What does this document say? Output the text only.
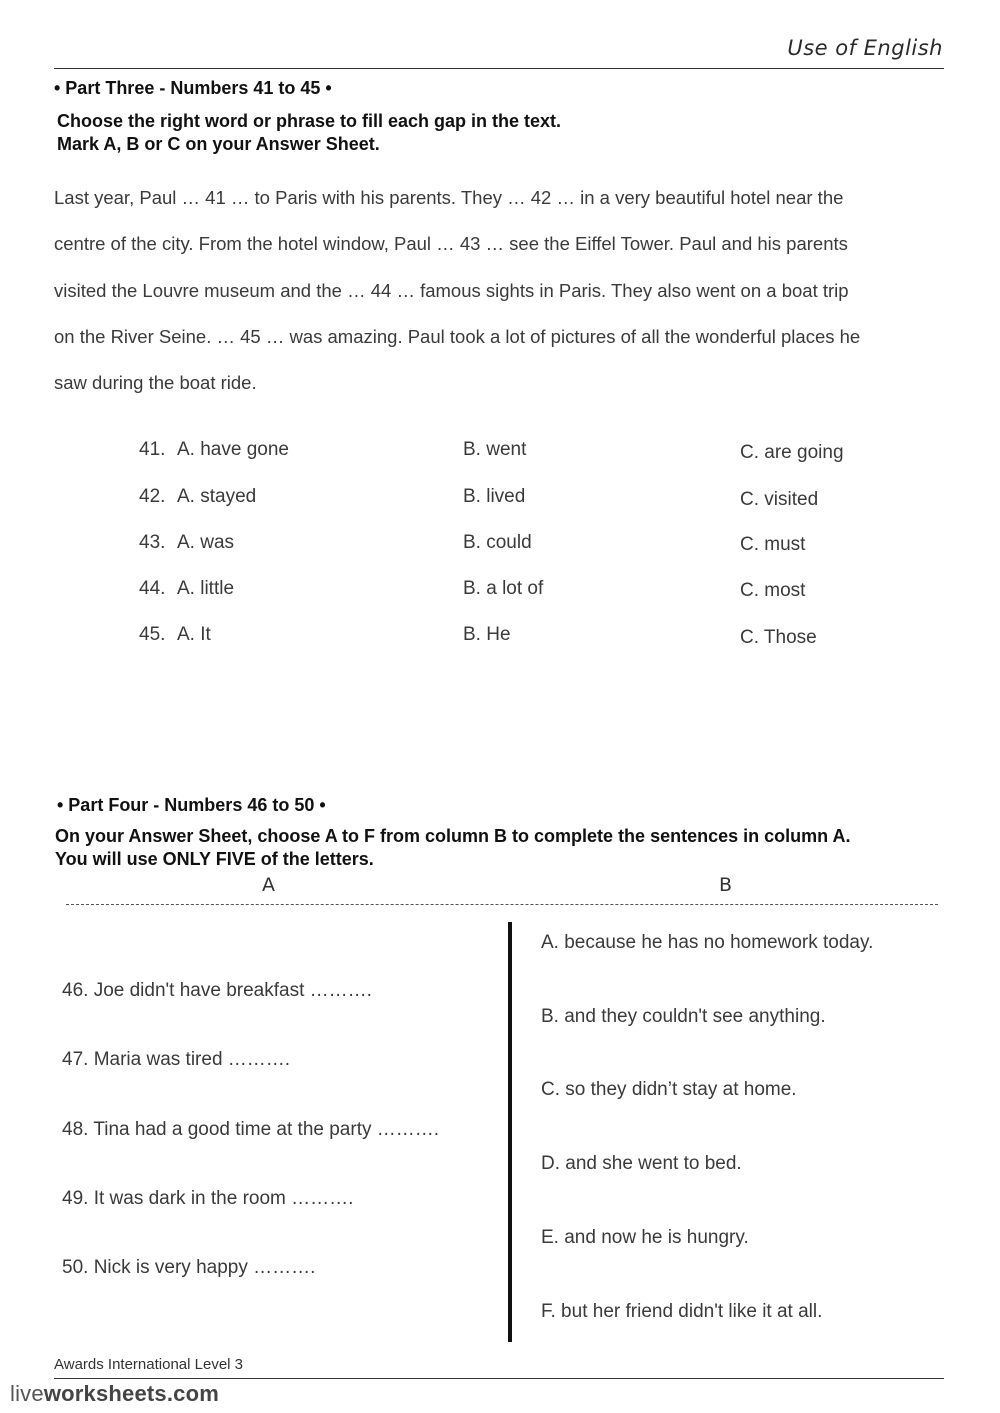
Use of English
• Part Three - Numbers 41 to 45 •
Choose the right word or phrase to fill each gap in the text.
Mark A, B or C on your Answer Sheet.
Last year, Paul … 41 … to Paris with his parents. They … 42 … in a very beautiful hotel near the
centre of the city. From the hotel window, Paul … 43 … see the Eiffel Tower. Paul and his parents
visited the Louvre museum and the … 44 … famous sights in Paris. They also went on a boat trip
on the River Seine. … 45 … was amazing. Paul took a lot of pictures of all the wonderful places he
saw during the boat ride.
41. A. have gone	B. went	C. are going
42. A. stayed	B. lived	C. visited
43. A. was	B. could	C. must
44. A. little	B. a lot of	C. most
45. A. It	B. He	C. Those
• Part Four - Numbers 46 to 50 •
On your Answer Sheet, choose A to F from column B to complete the sentences in column A.
You will use ONLY FIVE of the letters.
A	B
46. Joe didn't have breakfast ……….
47. Maria was tired ……….
48. Tina had a good time at the party ……….
49. It was dark in the room ……….
50. Nick is very happy ……….
A. because he has no homework today.
B. and they couldn't see anything.
C. so they didn’t stay at home.
D. and she went to bed.
E. and now he is hungry.
F. but her friend didn't like it at all.
Awards International Level 3
liveworksheets.com
